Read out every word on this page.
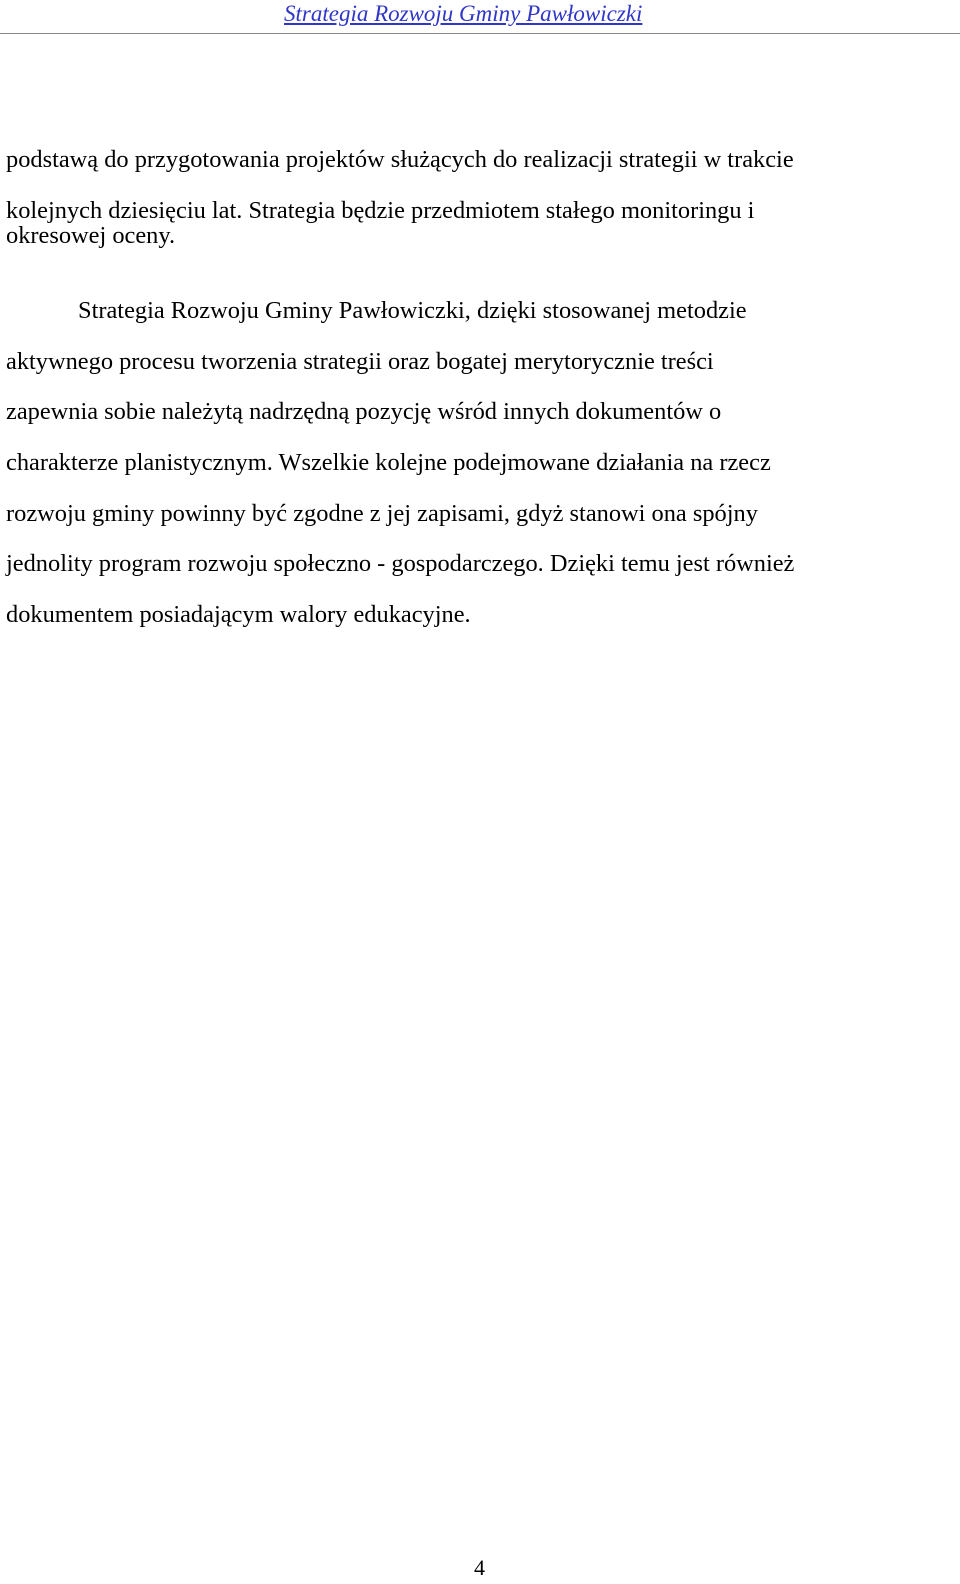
Strategia Rozwoju Gminy Pawłowiczki
podstawą do przygotowania projektów służących do realizacji strategii w trakcie
kolejnych dziesięciu lat. Strategia będzie przedmiotem stałego monitoringu i
okresowej oceny.
Strategia Rozwoju Gminy Pawłowiczki, dzięki stosowanej metodzie
aktywnego procesu tworzenia strategii oraz bogatej merytorycznie treści
zapewnia sobie należytą nadrzędną pozycję wśród innych dokumentów o
charakterze planistycznym. Wszelkie kolejne podejmowane działania na rzecz
rozwoju gminy powinny być zgodne z jej zapisami, gdyż stanowi ona spójny
jednolity program rozwoju społeczno - gospodarczego. Dzięki temu jest również
dokumentem posiadającym walory edukacyjne.
4
